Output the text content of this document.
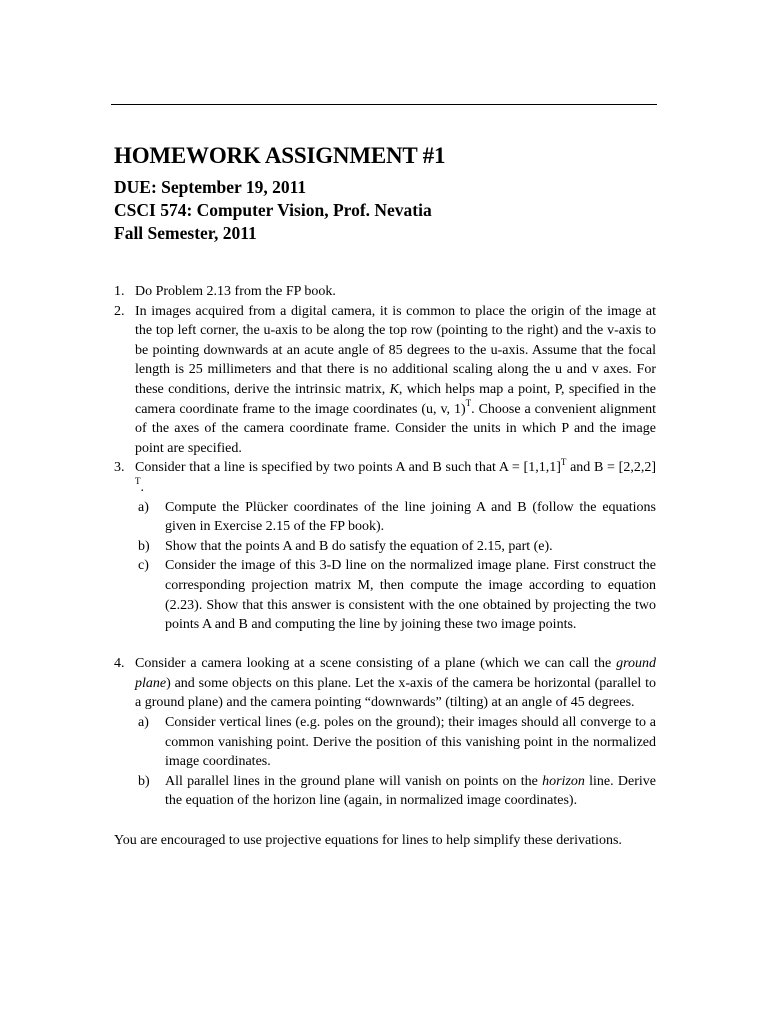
HOMEWORK ASSIGNMENT #1
DUE: September 19, 2011
CSCI 574: Computer Vision, Prof. Nevatia
Fall Semester, 2011
1. Do Problem 2.13 from the FP book.
2. In images acquired from a digital camera, it is common to place the origin of the image at the top left corner, the u-axis to be along the top row (pointing to the right) and the v-axis to be pointing downwards at an acute angle of 85 degrees to the u-axis. Assume that the focal length is 25 millimeters and that there is no additional scaling along the u and v axes. For these conditions, derive the intrinsic matrix, K, which helps map a point, P, specified in the camera coordinate frame to the image coordinates (u, v, 1)$^T$. Choose a convenient alignment of the axes of the camera coordinate frame. Consider the units in which P and the image point are specified.
3. Consider that a line is specified by two points A and B such that $A = [1,1,1]^T$ and B = [2,2,2] $^T$.
a) Compute the Plücker coordinates of the line joining A and B (follow the equations given in Exercise 2.15 of the FP book).
b) Show that the points A and B do satisfy the equation of 2.15, part (e).
c) Consider the image of this 3-D line on the normalized image plane. First construct the corresponding projection matrix M, then compute the image according to equation (2.23). Show that this answer is consistent with the one obtained by projecting the two points A and B and computing the line by joining these two image points.
4. Consider a camera looking at a scene consisting of a plane (which we can call the ground plane) and some objects on this plane. Let the x-axis of the camera be horizontal (parallel to a ground plane) and the camera pointing “downwards” (tilting) at an angle of 45 degrees.
a) Consider vertical lines (e.g. poles on the ground); their images should all converge to a common vanishing point. Derive the position of this vanishing point in the normalized image coordinates.
b) All parallel lines in the ground plane will vanish on points on the horizon line. Derive the equation of the horizon line (again, in normalized image coordinates).
You are encouraged to use projective equations for lines to help simplify these derivations.
